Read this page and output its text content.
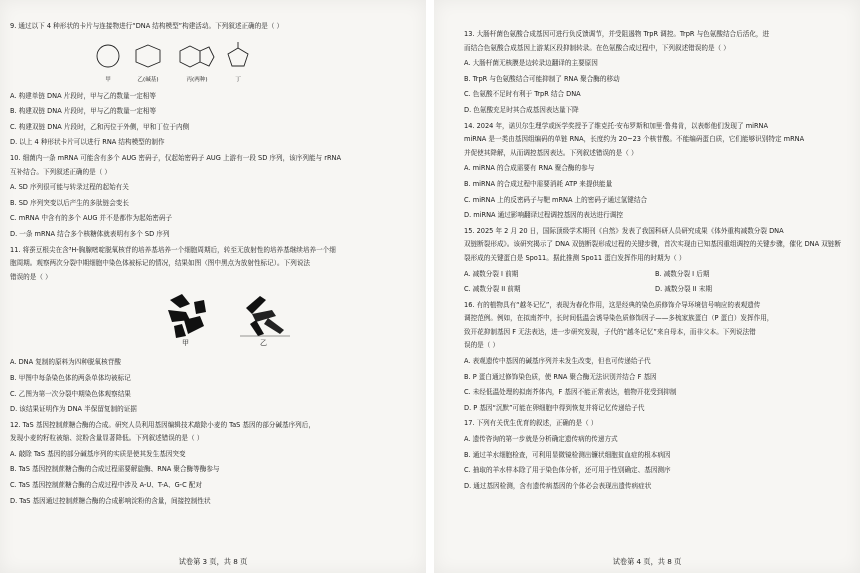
9. 通过以下 4 种形状的卡片与连接物进行“DNA 结构模型”构建活动。下列叙述正确的是（ ）
甲	乙(碱基)	丙(两种)	丁
A. 构建单链 DNA 片段时，甲与乙的数量一定相等
B. 构建双链 DNA 片段时，甲与乙的数量一定相等
C. 构建双链 DNA 片段时，乙和丙位于外侧，甲和丁位于内侧
D. 以上 4 种形状卡片可以进行 RNA 结构模型的制作
10. 细菌内一条 mRNA 可能含有多个 AUG 密码子，仅起始密码子 AUG 上游有一段 SD 序列，该序列能与 rRNA
互补结合。下列叙述正确的是（ ）
A. SD 序列很可能与转录过程的起始有关
B. SD 序列突变以后产生的多肽链会变长
C. mRNA 中含有的多个 AUG 并不是都作为起始密码子
D. 一条 mRNA 结合多个核糖体就表明有多个 SD 序列
11. 将蚕豆根尖在含³H-胸腺嘧啶脱氧核苷的培养基培养一个细胞周期后，转至无放射性的培养基继续培养一个细
胞周期。观察两次分裂中期细胞中染色体被标记的情况，结果如图（图中黑点为放射性标记）。下列说法
错误的是（ ）
甲	乙
A. DNA 复制的原料为四种脱氧核苷酸
B. 甲图中每条染色体的两条单体均被标记
C. 乙图为第一次分裂中期染色体观察结果
D. 该结果证明作为 DNA 半保留复制的证据
12. TaS 基因控制蔗糖合酶的合成。研究人员利用基因编辑技术敲除小麦的 TaS 基因的部分碱基序列后，
发现小麦的籽粒被缩、淀粉含量显著降低。下列叙述错误的是（ ）
A. 敲除 TaS 基因的部分碱基序列的实质是使其发生基因突变
B. TaS 基因控制蔗糖合酶的合成过程需要解旋酶、RNA 聚合酶等酶参与
C. TaS 基因控制蔗糖合酶的合成过程中涉及 A-U、T-A、G-C 配对
D. TaS 基因通过控制蔗糖合酶的合成影响淀粉的含量，间接控制性状
试卷第 3 页，共 8 页
13. 大肠杆菌色氨酸合成基因可进行负反馈调节，并受阻遏物 TrpR 调控。TrpR 与色氨酸结合后活化，进
而结合色氨酸合成基因上游某区段抑制转录。在色氨酸合成过程中，下列叙述错误的是（ ）
A. 大肠杆菌无核膜是边转录边翻译的主要原因
B. TrpR 与色氨酸结合可能抑制了 RNA 聚合酶的移动
C. 色氨酸不足时有利于 TrpR 结合 DNA
D. 色氨酸充足时其合成基因表达量下降
14. 2024 年，诺贝尔生理学或医学奖授予了维克托·安布罗斯和加里·鲁弗肯，以表彰他们发现了 miRNA
miRNA 是一类由基因组编码的单链 RNA，长度约为 20~23 个核苷酸。不能编码蛋白质，它们能够识别特定 mRNA
并促使其降解，从而调控基因表达。下列叙述错误的是（ ）
A. miRNA 的合成需要有 RNA 聚合酶的参与
B. miRNA 的合成过程中需要消耗 ATP 来提供能量
C. miRNA 上的反密码子与靶 mRNA 上的密码子通过氢键结合
D. miRNA 通过影响翻译过程调控基因的表达进行调控
15. 2025 年 2 月 20 日，国际顶级学术期刊《自然》发表了我国科研人员研究成果《体外重构减数分裂 DNA
双链断裂形成》。该研究揭示了 DNA 双链断裂形成过程的关键步骤，首次实现由已知基因重组调控的关键步骤，催化 DNA 双链断
裂形成的关键蛋白是 Spo11。据此推测 Spo11 蛋白发挥作用的时期为（ ）
A. 减数分裂 I 前期	B. 减数分裂 I 后期
C. 减数分裂 II 前期	D. 减数分裂 II 末期
16. 有的植物具有“越冬记忆”，表现为春化作用，这是经典的染色质修饰介导环境信号响应的表观遗传
调控范例。例如，在拟南芥中，长时间低温会诱导染色质修饰因子——多梳家族蛋白（P 蛋白）发挥作用，
致开花抑制基因 F 无法表达，进一步研究发现，子代的“越冬记忆”来自母本，而非父本。下列说法错
误的是（ ）
A. 表观遗传中基因的碱基序列并未发生改变，但也可传递给子代
B. P 蛋白通过修饰染色质，使 RNA 聚合酶无法识别并结合 F 基因
C. 未经低温处理的拟南芥体内，F 基因不能正常表达，植物开花受到抑制
D. P 基因“沉默”可能在卵细胞中得到恢复并将记忆传递给子代
17. 下列有关优生优育的叙述，正确的是（ ）
A. 遗传咨询的第一步就是分析确定遗传病的传递方式
B. 通过羊水细胞检查，可利用显微镜检测出镰状细胞贫血症的根本病因
C. 抽取的羊水样本除了用于染色体分析，还可用于性别确定、基因测序
D. 通过基因检测，含有遗传病基因的个体必会表现出遗传病症状
试卷第 4 页，共 8 页
